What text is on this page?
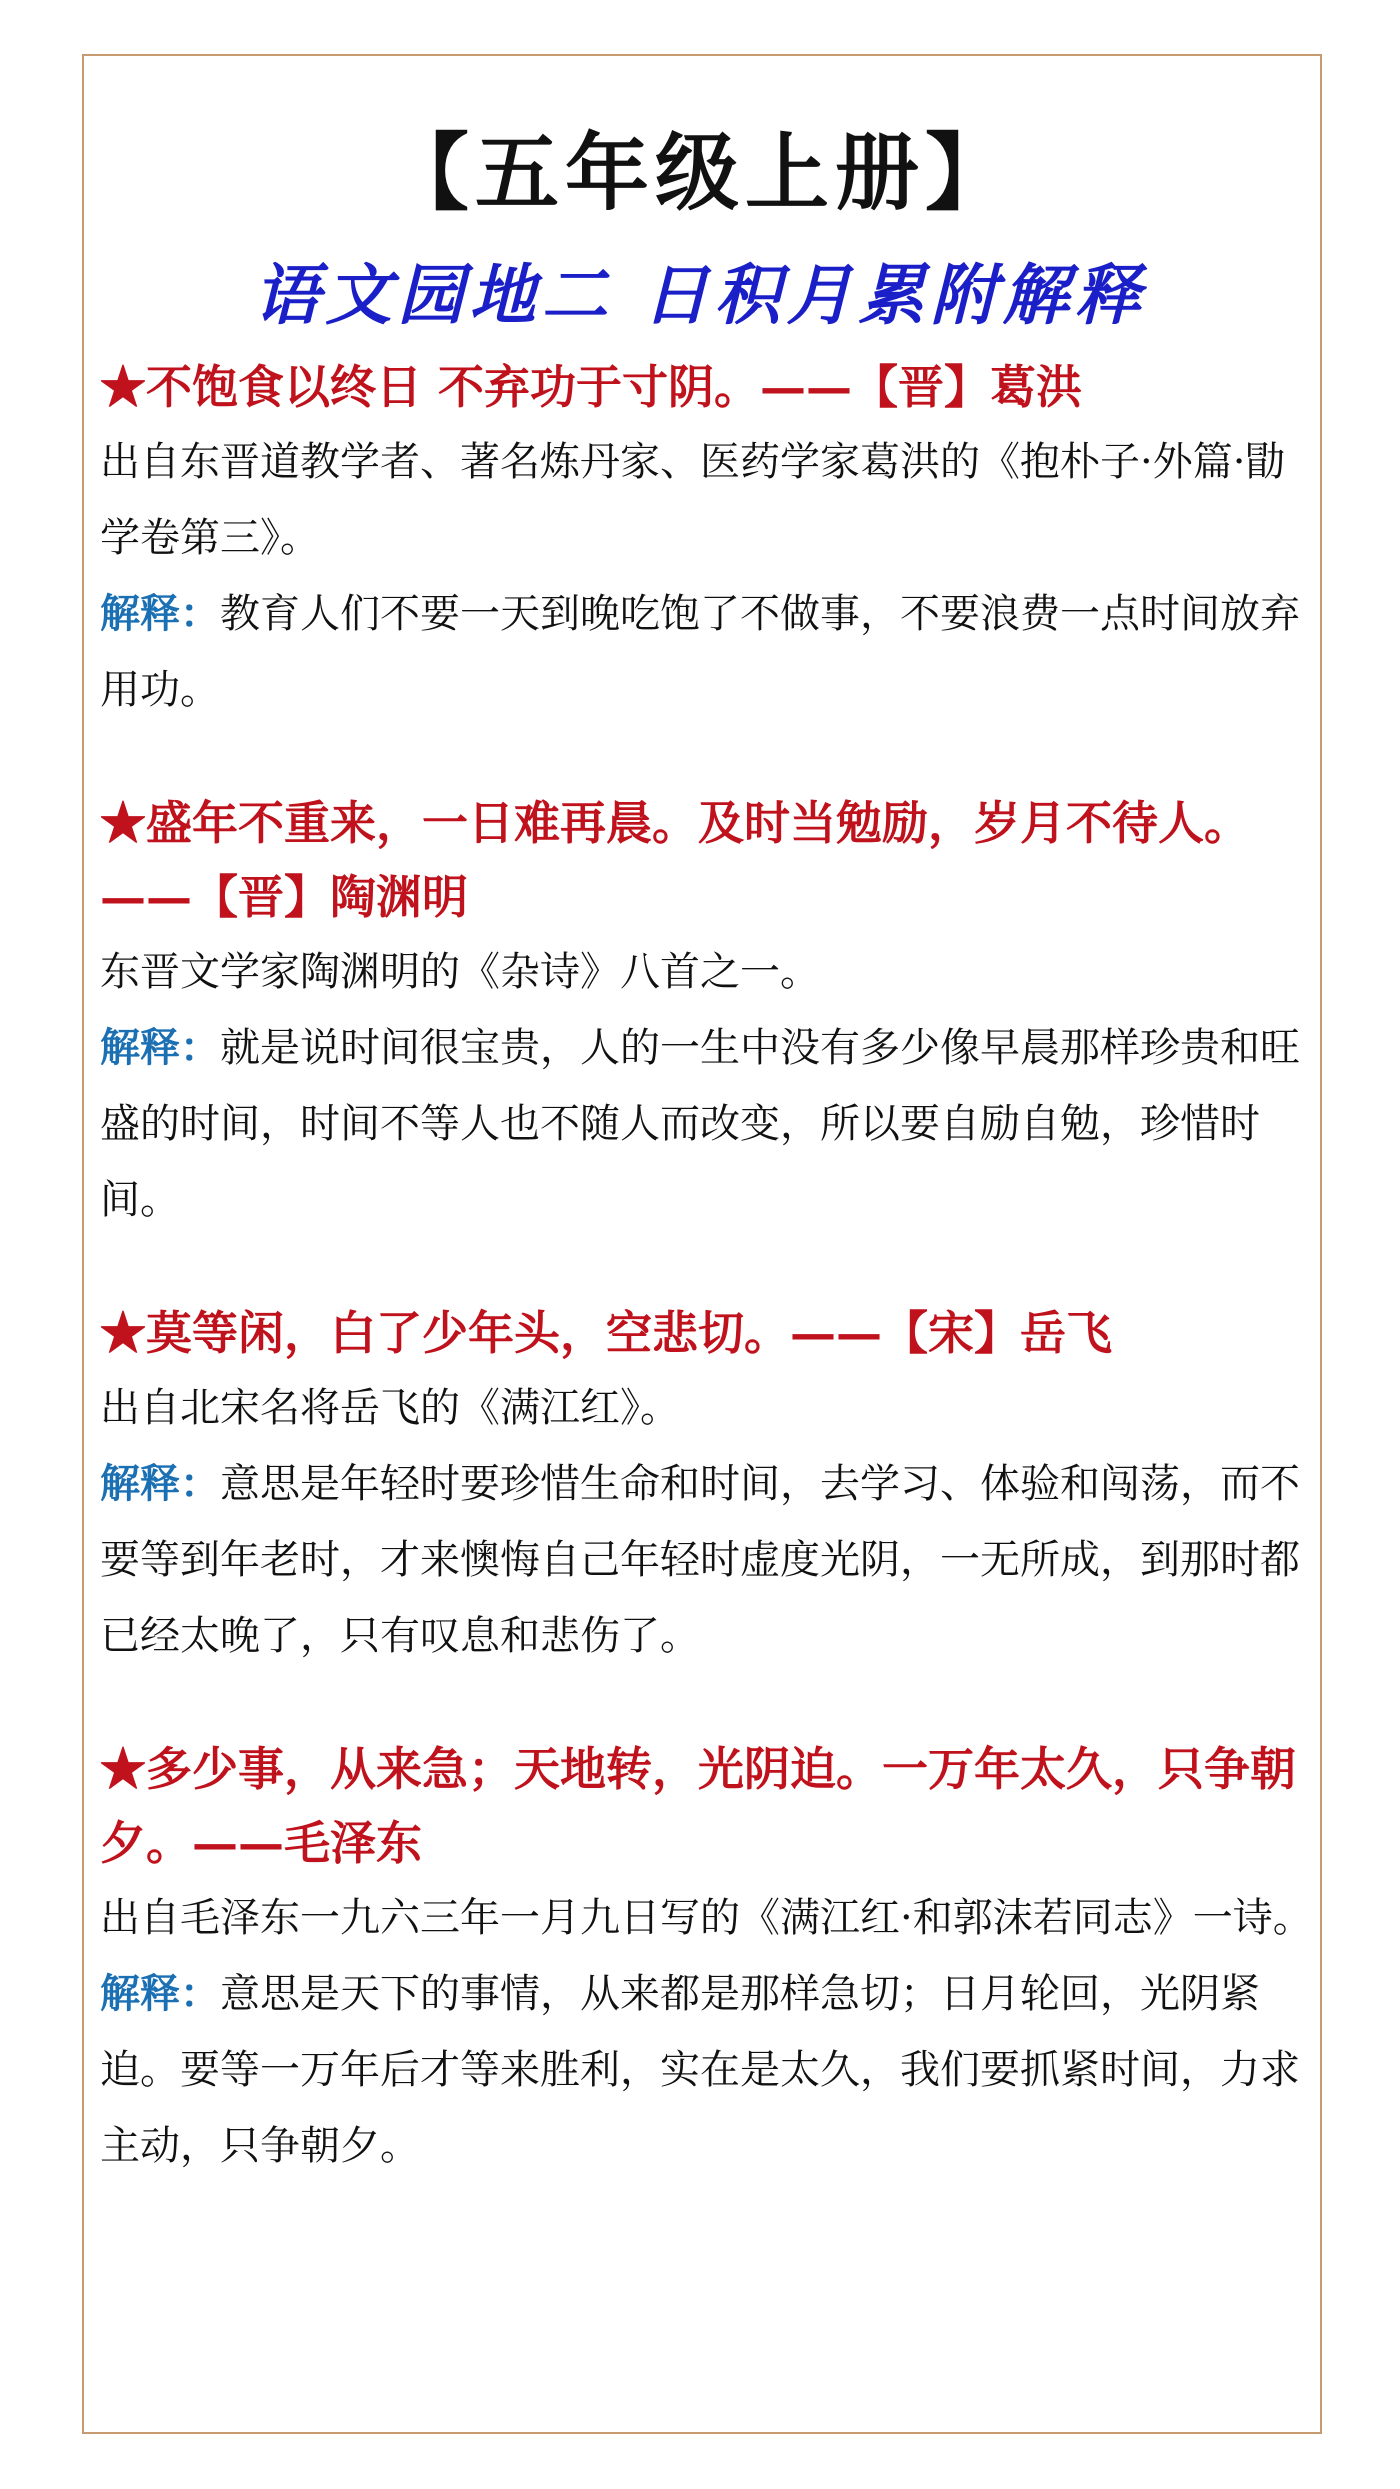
【五年级上册】
语文园地二 日积月累附解释
★不饱食以终日 不弃功于寸阴。——【晋】葛洪
出自东晋道教学者、著名炼丹家、医药学家葛洪的《抱朴子·外篇·勖学卷第三》。
解释：教育人们不要一天到晚吃饱了不做事，不要浪费一点时间放弃用功。
★盛年不重来，一日难再晨。及时当勉励，岁月不待人。——【晋】陶渊明
东晋文学家陶渊明的《杂诗》八首之一。
解释：就是说时间很宝贵，人的一生中没有多少像早晨那样珍贵和旺盛的时间，时间不等人也不随人而改变，所以要自励自勉，珍惜时间。
★莫等闲，白了少年头，空悲切。——【宋】岳飞
出自北宋名将岳飞的《满江红》。
解释：意思是年轻时要珍惜生命和时间，去学习、体验和闯荡，而不要等到年老时，才来懊悔自己年轻时虚度光阴，一无所成，到那时都已经太晚了，只有叹息和悲伤了。
★多少事，从来急；天地转，光阴迫。一万年太久，只争朝夕。——毛泽东
出自毛泽东一九六三年一月九日写的《满江红·和郭沫若同志》一诗。
解释：意思是天下的事情，从来都是那样急切；日月轮回，光阴紧迫。要等一万年后才等来胜利，实在是太久，我们要抓紧时间，力求主动，只争朝夕。
